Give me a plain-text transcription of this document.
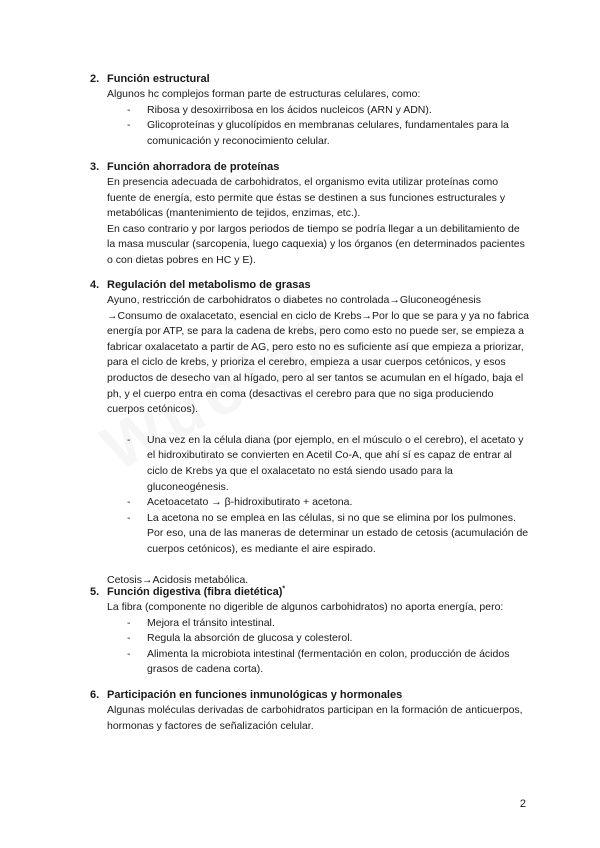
2. Función estructural
Algunos hc complejos forman parte de estructuras celulares, como:
- Ribosa y desoxirribosa en los ácidos nucleicos (ARN y ADN).
- Glicoproteínas y glucolípidos en membranas celulares, fundamentales para la comunicación y reconocimiento celular.
3. Función ahorradora de proteínas
En presencia adecuada de carbohidratos, el organismo evita utilizar proteínas como fuente de energía, esto permite que éstas se destinen a sus funciones estructurales y metabólicas (mantenimiento de tejidos, enzimas, etc.).
En caso contrario y por largos periodos de tiempo se podría llegar a un debilitamiento de la masa muscular (sarcopenia, luego caquexia) y los órganos (en determinados pacientes o con dietas pobres en HC y E).
4. Regulación del metabolismo de grasas
Ayuno, restricción de carbohidratos o diabetes no controlada→Gluconeogénesis →Consumo de oxalacetato, esencial en ciclo de Krebs→Por lo que se para y ya no fabrica energía por ATP, se para la cadena de krebs, pero como esto no puede ser, se empieza a fabricar oxalacetato a partir de AG, pero esto no es suficiente así que empieza a priorizar, para el ciclo de krebs, y prioriza el cerebro, empieza a usar cuerpos cetónicos, y esos productos de desecho van al hígado, pero al ser tantos se acumulan en el hígado, baja el ph, y el cuerpo entra en coma (desactivas el cerebro para que no siga produciendo cuerpos cetónicos).
- Una vez en la célula diana (por ejemplo, en el músculo o el cerebro), el acetato y el hidroxibutirato se convierten en Acetil Co-A, que ahí sí es capaz de entrar al ciclo de Krebs ya que el oxalacetato no está siendo usado para la gluconeogénesis.
- Acetoacetato → β-hidroxibutirato + acetona.
- La acetona no se emplea en las células, si no que se elimina por los pulmones. Por eso, una de las maneras de determinar un estado de cetosis (acumulación de cuerpos cetónicos), es mediante el aire espirado.
Cetosis→Acidosis metabólica.
5. Función digestiva (fibra dietética)*
La fibra (componente no digerible de algunos carbohidratos) no aporta energía, pero:
- Mejora el tránsito intestinal.
- Regula la absorción de glucosa y colesterol.
- Alimenta la microbiota intestinal (fermentación en colon, producción de ácidos grasos de cadena corta).
6. Participación en funciones inmunológicas y hormonales
Algunas moléculas derivadas de carbohidratos participan en la formación de anticuerpos, hormonas y factores de señalización celular.
2
